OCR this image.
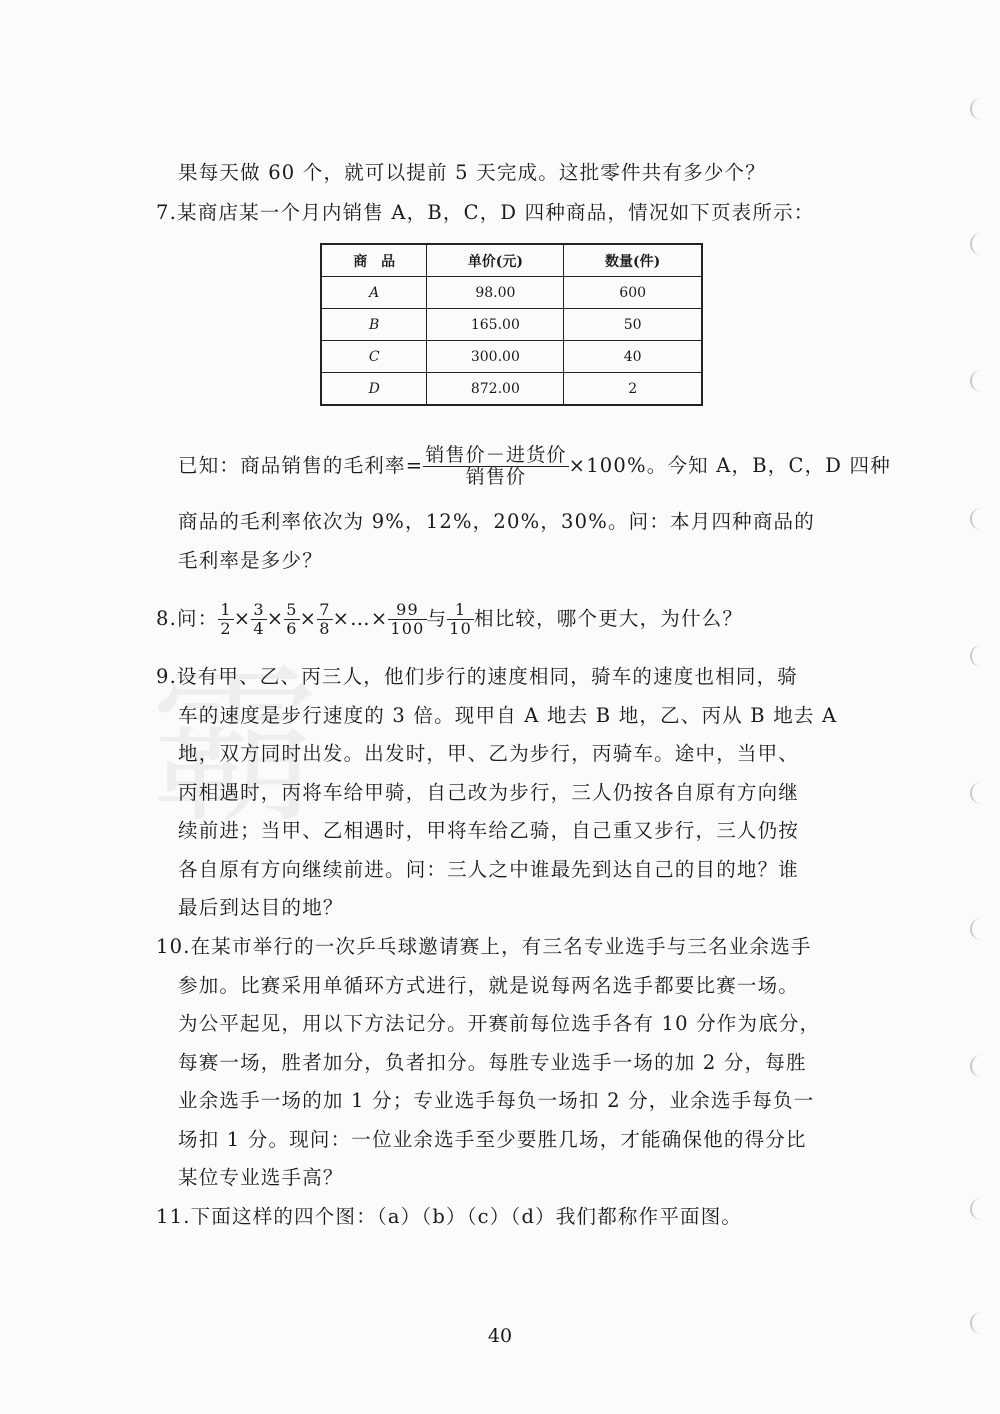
霸
果每天做 60 个，就可以提前 5 天完成。这批零件共有多少个？
7.某商店某一个月内销售 A，B，C，D 四种商品，情况如下页表所示：
商　品	单价(元)	数量(件)
A	98.00	600
B	165.00	50
C	300.00	40
D	872.00	2
已知：商品销售的毛利率= $\frac{\text{销售价－进货价}}{\text{销售价}} \times 100\%$。今知 A，B，C，D 四种
商品的毛利率依次为 9%，12%，20%，30%。问：本月四种商品的
毛利率是多少？
8.问： $\frac{1}{2} \times \frac{3}{4} \times \frac{5}{6} \times \frac{7}{8}$ ×…× $\frac{99}{100}$ 与 $\frac{1}{10}$ 相比较，哪个更大，为什么？
9.设有甲、乙、丙三人，他们步行的速度相同，骑车的速度也相同，骑
车的速度是步行速度的 3 倍。现甲自 A 地去 B 地，乙、丙从 B 地去 A
地，双方同时出发。出发时，甲、乙为步行，丙骑车。途中，当甲、
丙相遇时，丙将车给甲骑，自己改为步行，三人仍按各自原有方向继
续前进；当甲、乙相遇时，甲将车给乙骑，自己重又步行，三人仍按
各自原有方向继续前进。问：三人之中谁最先到达自己的目的地？谁
最后到达目的地？
10.在某市举行的一次乒乓球邀请赛上，有三名专业选手与三名业余选手
参加。比赛采用单循环方式进行，就是说每两名选手都要比赛一场。
为公平起见，用以下方法记分。开赛前每位选手各有 10 分作为底分，
每赛一场，胜者加分，负者扣分。每胜专业选手一场的加 2 分，每胜
业余选手一场的加 1 分；专业选手每负一场扣 2 分，业余选手每负一
场扣 1 分。现问：一位业余选手至少要胜几场，才能确保他的得分比
某位专业选手高？
11.下面这样的四个图：（a）（b）（c）（d）我们都称作平面图。
40
